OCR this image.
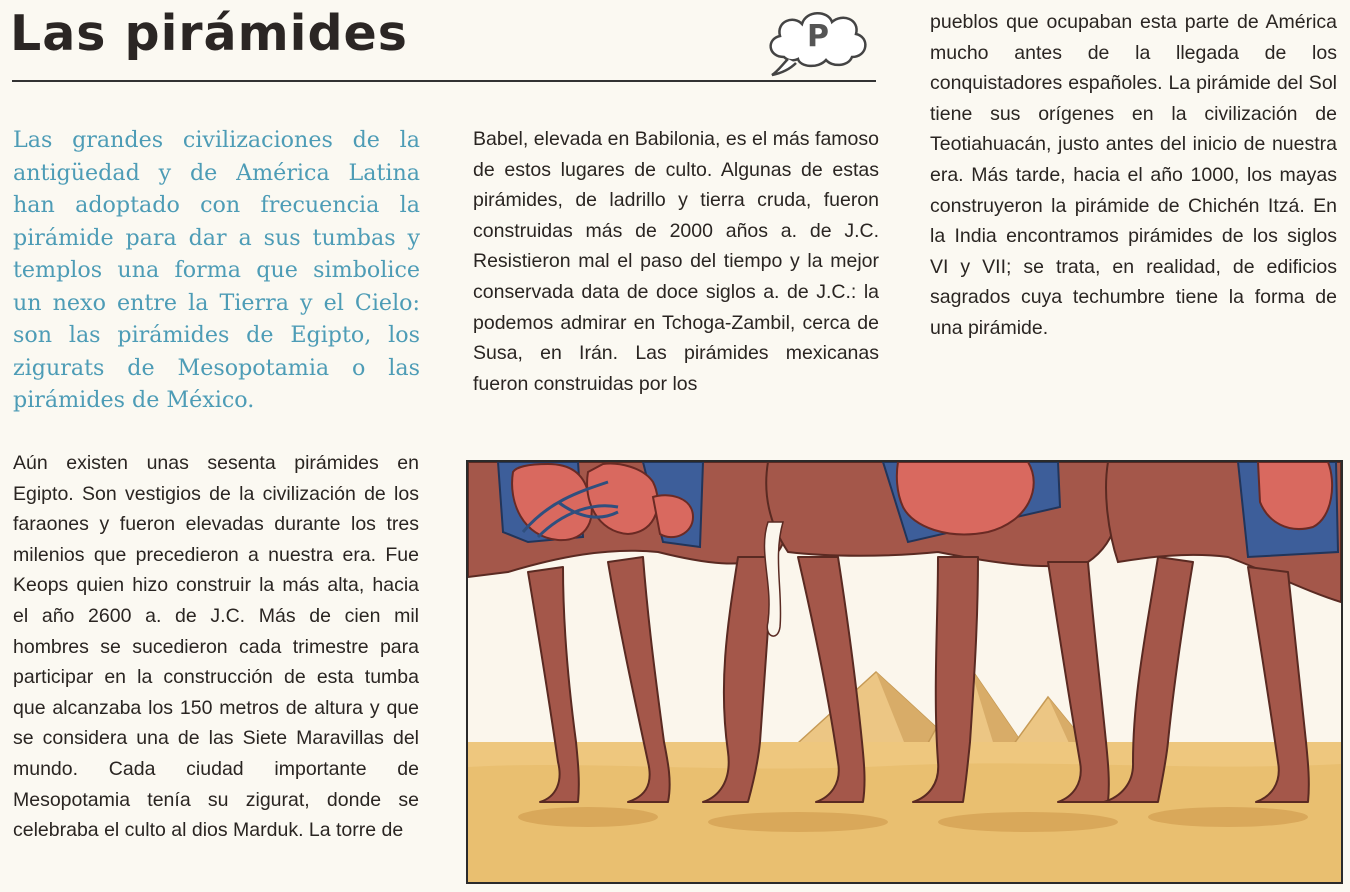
Las pirámides	P

Las grandes civilizaciones de la antigüedad y de América Latina han adoptado con frecuencia la pirámide para dar a sus tumbas y templos una forma que simbolice un nexo entre la Tierra y el Cielo: son las pirámides de Egipto, los zigurats de Mesopotamia o las pirámides de México.

Aún existen unas sesenta pirámides en Egipto. Son vestigios de la civilización de los faraones y fueron elevadas durante los tres milenios que precedieron a nuestra era. Fue Keops quien hizo construir la más alta, hacia el año 2600 a. de J.C. Más de cien mil hombres se sucedieron cada trimestre para participar en la construcción de esta tumba que alcanzaba los 150 metros de altura y que se considera una de las Siete Maravillas del mundo. Cada ciudad importante de Mesopotamia tenía su zigurat, donde se celebraba el culto al dios Marduk. La torre de

Babel, elevada en Babilonia, es el más famoso de estos lugares de culto. Algunas de estas pirámides, de ladrillo y tierra cruda, fueron construidas más de 2000 años a. de J.C. Resistieron mal el paso del tiempo y la mejor conservada data de doce siglos a. de J.C.: la podemos admirar en Tchoga-Zambil, cerca de Susa, en Irán. Las pirámides mexicanas fueron construidas por los

pueblos que ocupaban esta parte de América mucho antes de la llegada de los conquistadores españoles. La pirámide del Sol tiene sus orígenes en la civilización de Teotiahuacán, justo antes del inicio de nuestra era. Más tarde, hacia el año 1000, los mayas construyeron la pirámide de Chichén Itzá. En la India encontramos pirámides de los siglos VI y VII; se trata, en realidad, de edificios sagrados cuya techumbre tiene la forma de una pirámide.
